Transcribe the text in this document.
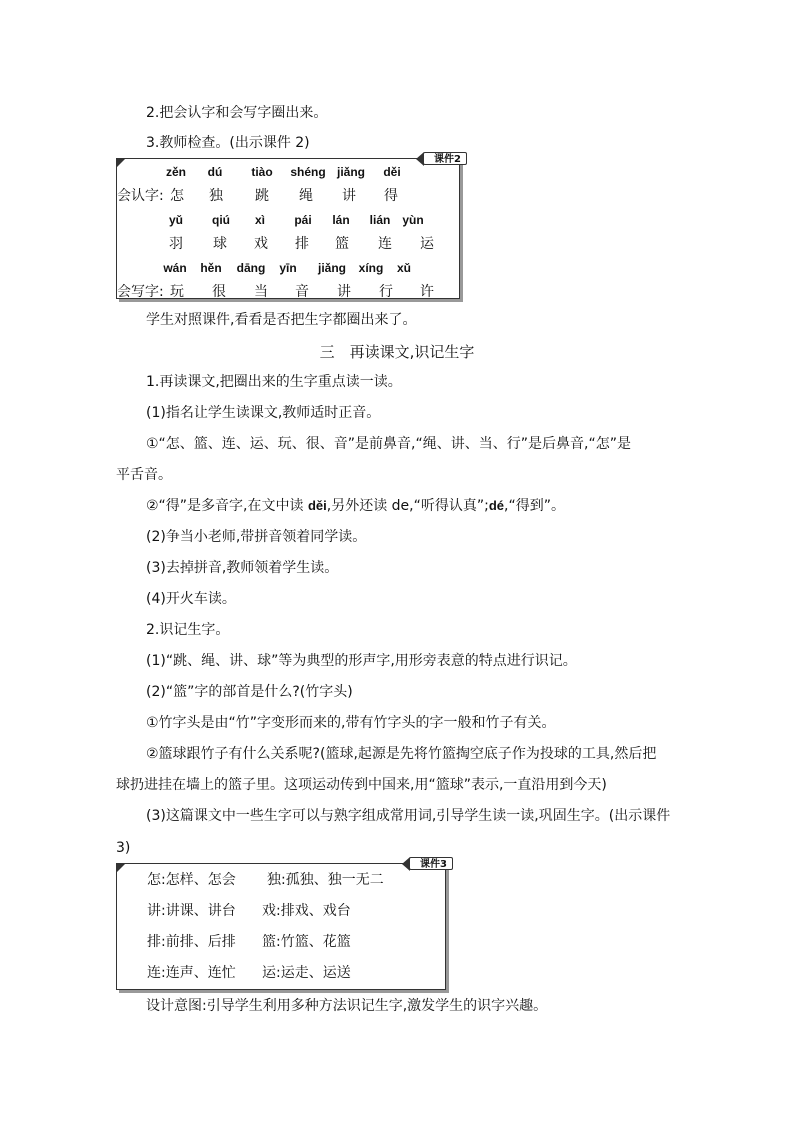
2.把会认字和会写字圈出来。
3.教师检查。(出示课件 2)
课件2
zěn	dú	tiào	shéng jiǎng	děi
会认字: 怎	独	跳	绳	讲	得
yǔ	qiú	xì	pái	lán	lián	yùn
羽	球	戏	排	篮	连	运
wán	hěn	dāng	yīn	jiǎng	xíng	xǔ
会写字: 玩	很	当	音	讲	行	许
学生对照课件,看看是否把生字都圈出来了。
三　再读课文,识记生字
1.再读课文,把圈出来的生字重点读一读。
(1)指名让学生读课文,教师适时正音。
①“怎、篮、连、运、玩、很、音”是前鼻音,“绳、讲、当、行”是后鼻音,“怎”是
平舌音。
②“得”是多音字,在文中读 děi,另外还读 de,“听得认真”;dé,“得到”。
(2)争当小老师,带拼音领着同学读。
(3)去掉拼音,教师领着学生读。
(4)开火车读。
2.识记生字。
(1)“跳、绳、讲、球”等为典型的形声字,用形旁表意的特点进行识记。
(2)“篮”字的部首是什么?(竹字头)
①竹字头是由“竹”字变形而来的,带有竹字头的字一般和竹子有关。
②篮球跟竹子有什么关系呢?(篮球,起源是先将竹篮掏空底子作为投球的工具,然后把
球扔进挂在墙上的篮子里。这项运动传到中国来,用“篮球”表示,一直沿用到今天)
(3)这篇课文中一些生字可以与熟字组成常用词,引导学生读一读,巩固生字。(出示课件
3)
课件3
怎:怎样、怎会 独:孤独、独一无二
讲:讲课、讲台 戏:排戏、戏台
排:前排、后排 篮:竹篮、花篮
连:连声、连忙 运:运走、运送
设计意图:引导学生利用多种方法识记生字,激发学生的识字兴趣。
